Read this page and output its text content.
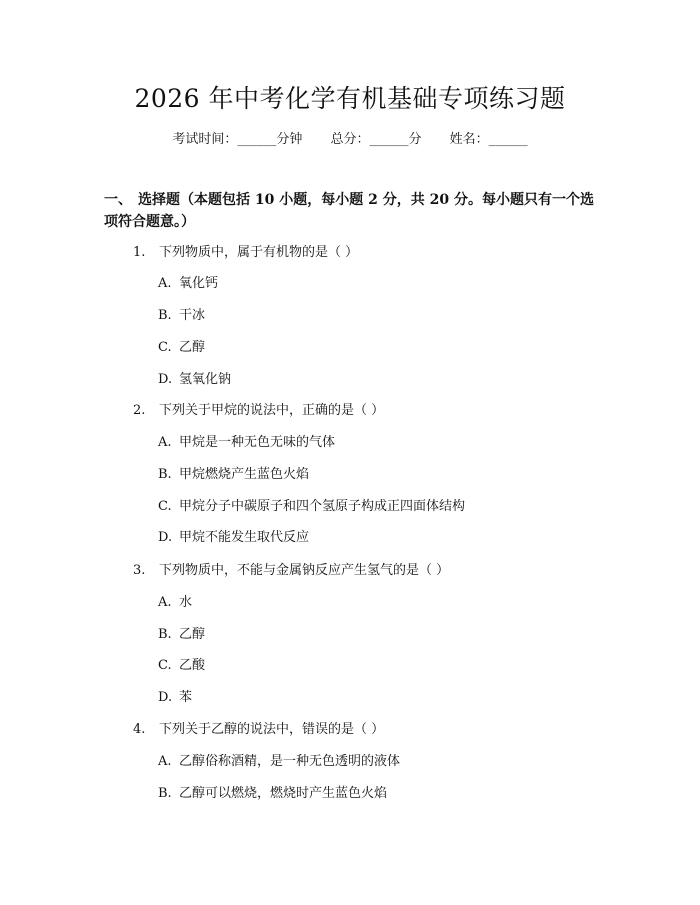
2026 年中考化学有机基础专项练习题
考试时间：______分钟 总分：______分 姓名：______
一、 选择题（本题包括 10 小题，每小题 2 分，共 20 分。每小题只有一个选项符合题意。）
1. 下列物质中，属于有机物的是（ ）
A. 氧化钙
B. 干冰
C. 乙醇
D. 氢氧化钠
2. 下列关于甲烷的说法中，正确的是（ ）
A. 甲烷是一种无色无味的气体
B. 甲烷燃烧产生蓝色火焰
C. 甲烷分子中碳原子和四个氢原子构成正四面体结构
D. 甲烷不能发生取代反应
3. 下列物质中，不能与金属钠反应产生氢气的是（ ）
A. 水
B. 乙醇
C. 乙酸
D. 苯
4. 下列关于乙醇的说法中，错误的是（ ）
A. 乙醇俗称酒精，是一种无色透明的液体
B. 乙醇可以燃烧，燃烧时产生蓝色火焰
